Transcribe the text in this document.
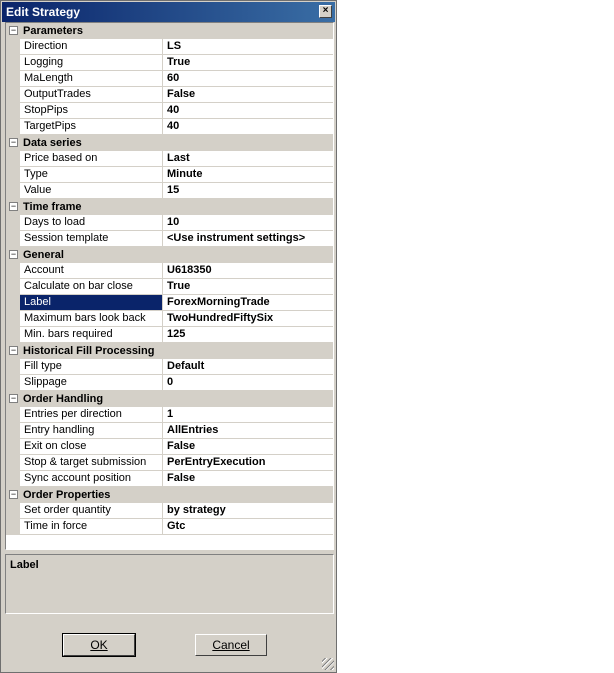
Edit Strategy	×
− Parameters
Direction	LS
Logging	True
MaLength	60
OutputTrades	False
StopPips	40
TargetPips	40
− Data series
Price based on	Last
Type	Minute
Value	15
− Time frame
Days to load	10
Session template	<Use instrument settings>
− General
Account	U618350
Calculate on bar close	True
Label	ForexMorningTrade
Maximum bars look back	TwoHundredFiftySix
Min. bars required	125
− Historical Fill Processing
Fill type	Default
Slippage	0
− Order Handling
Entries per direction	1
Entry handling	AllEntries
Exit on close	False
Stop & target submission	PerEntryExecution
Sync account position	False
− Order Properties
Set order quantity	by strategy
Time in force	Gtc
Label
OK	Cancel
